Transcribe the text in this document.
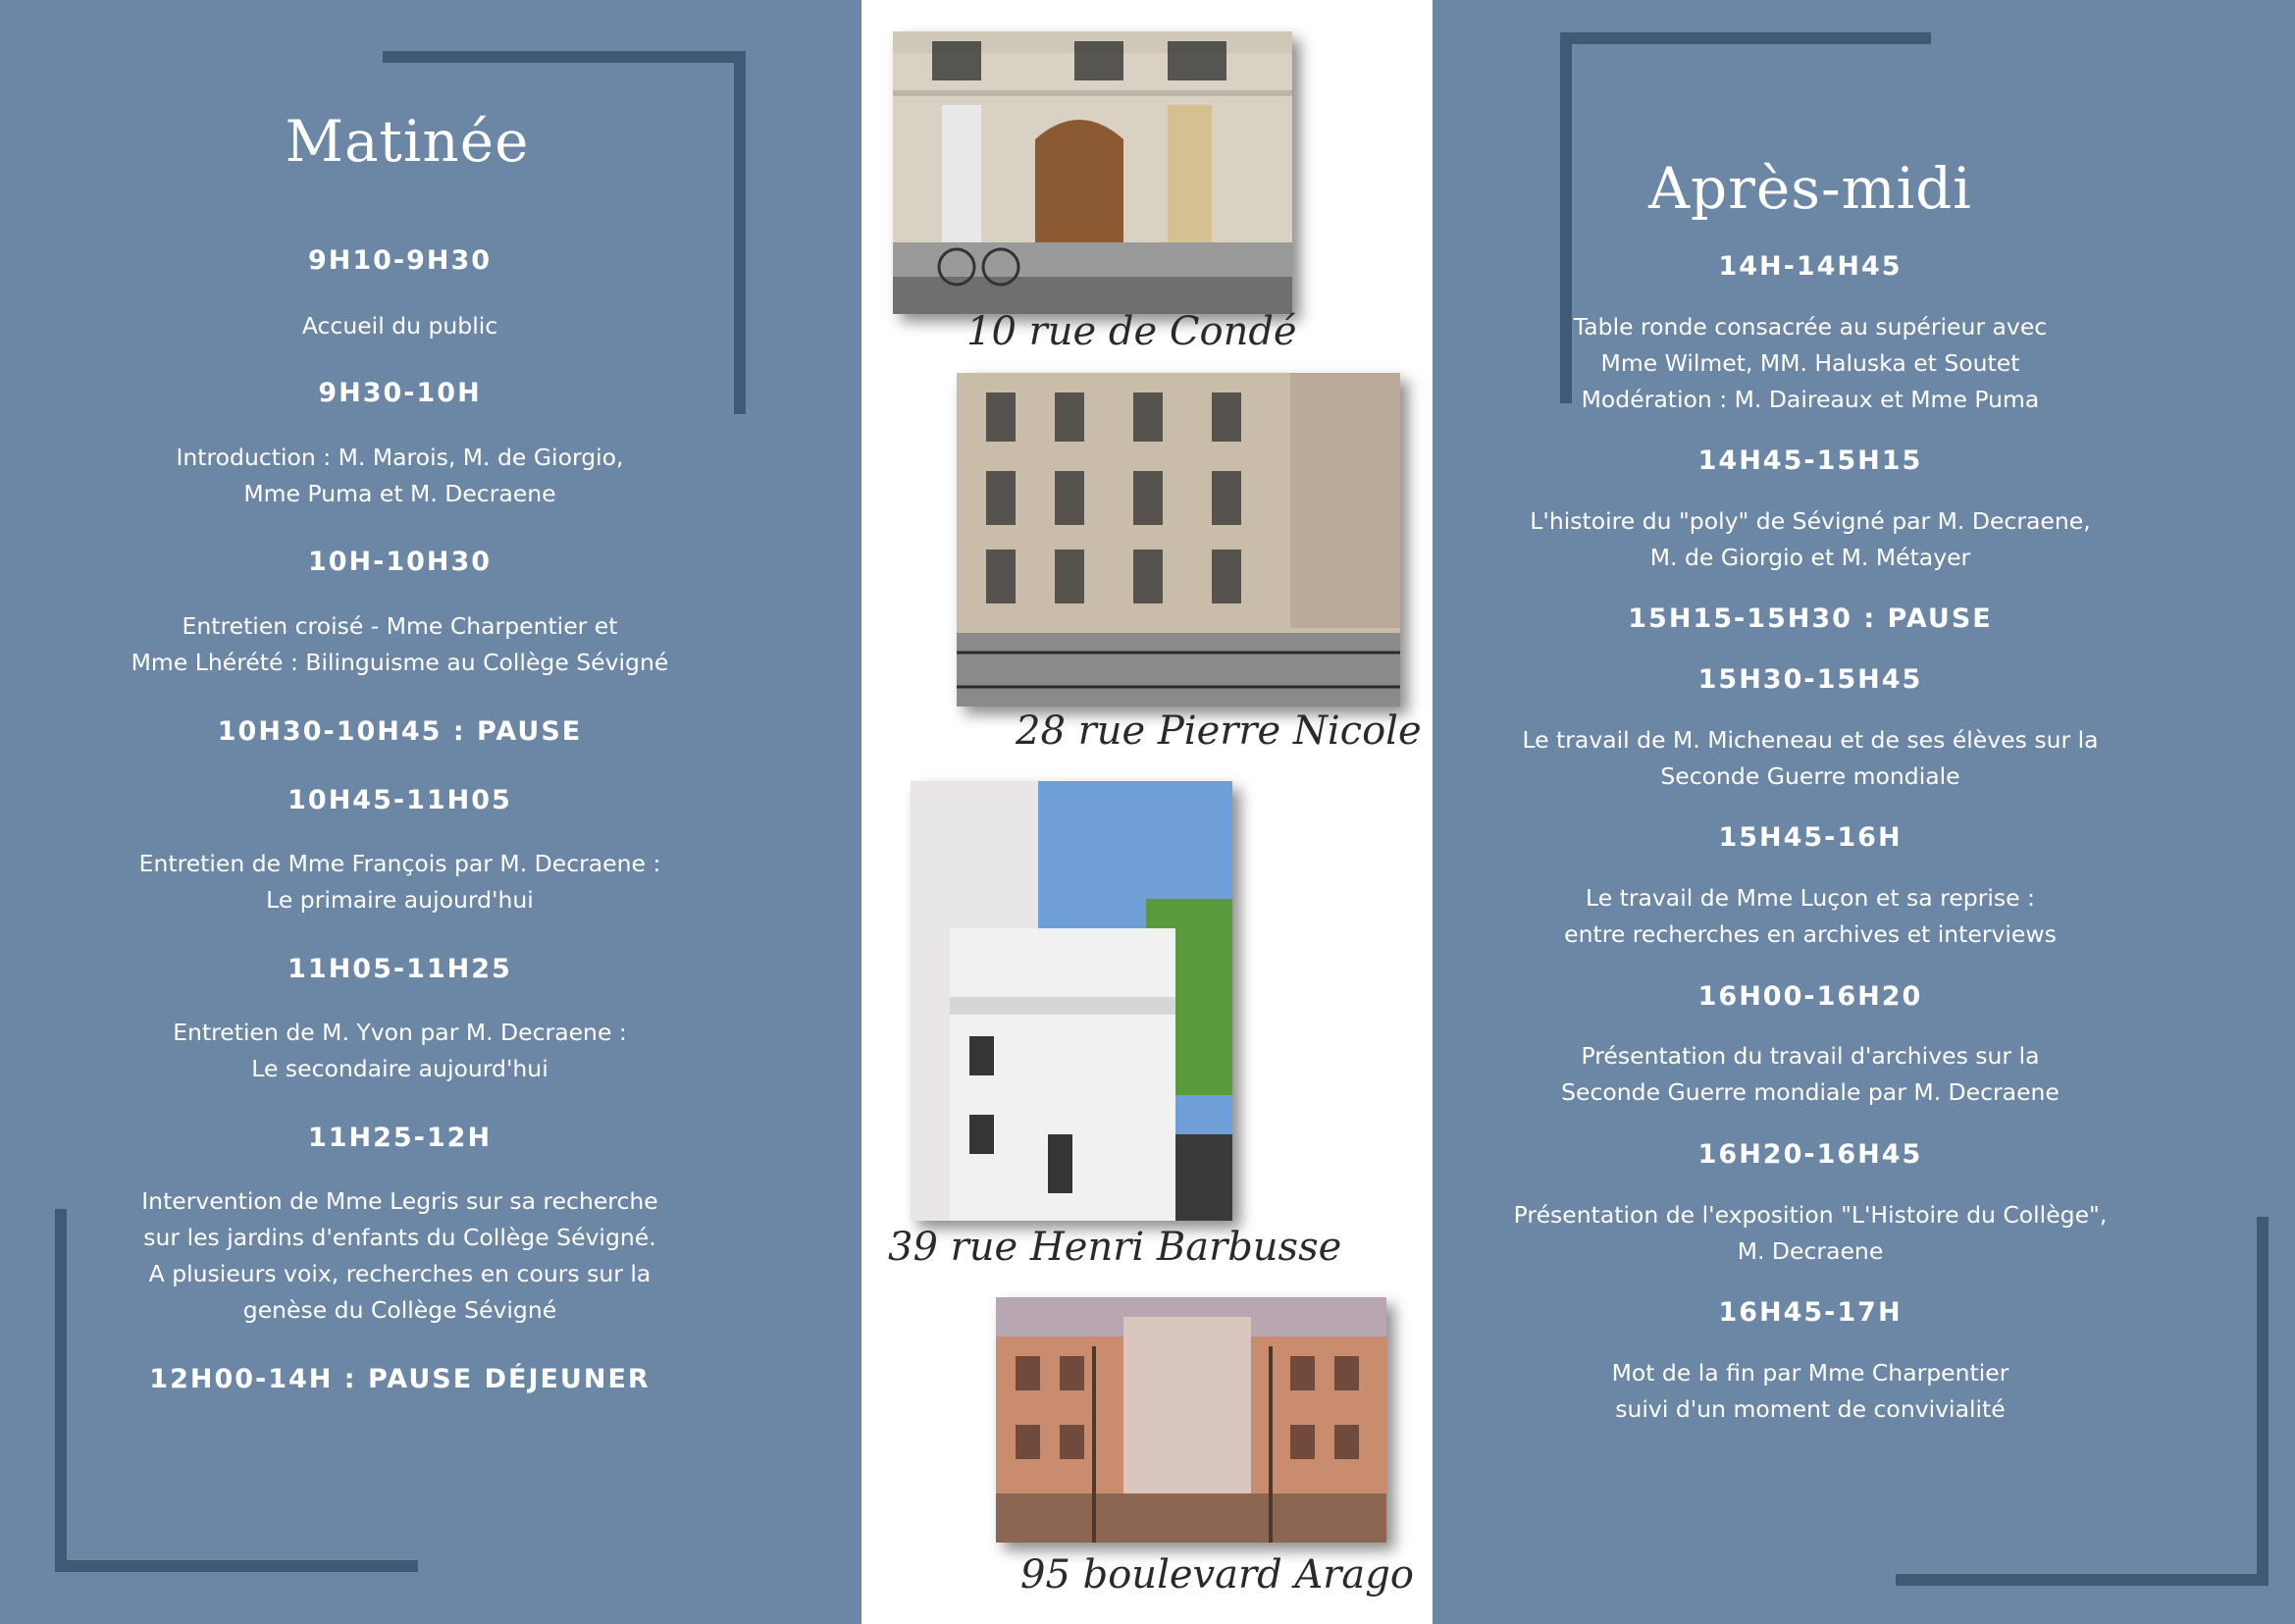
Matinée
9H10-9H30
Accueil du public
9H30-10H
Introduction : M. Marois, M. de Giorgio,
Mme Puma et M. Decraene
10H-10H30
Entretien croisé - Mme Charpentier et
Mme Lhérété : Bilinguisme au Collège Sévigné
10H30-10H45 : PAUSE
10H45-11H05
Entretien de Mme François par M. Decraene :
Le primaire aujourd'hui
11H05-11H25
Entretien de M. Yvon par M. Decraene :
Le secondaire aujourd'hui
11H25-12H
Intervention de Mme Legris sur sa recherche
sur les jardins d'enfants du Collège Sévigné.
A plusieurs voix, recherches en cours sur la
genèse du Collège Sévigné
12H00-14H : PAUSE DÉJEUNER
10 rue de Condé
28 rue Pierre Nicole
39 rue Henri Barbusse
95 boulevard Arago
Après-midi
14H-14H45
Table ronde consacrée au supérieur avec
Mme Wilmet, MM. Haluska et Soutet
Modération : M. Daireaux et Mme Puma
14H45-15H15
L'histoire du "poly" de Sévigné par M. Decraene,
M. de Giorgio et M. Métayer
15H15-15H30 : PAUSE
15H30-15H45
Le travail de M. Micheneau et de ses élèves sur la
Seconde Guerre mondiale
15H45-16H
Le travail de Mme Luçon et sa reprise :
entre recherches en archives et interviews
16H00-16H20
Présentation du travail d'archives sur la
Seconde Guerre mondiale par M. Decraene
16H20-16H45
Présentation de l'exposition "L'Histoire du Collège",
M. Decraene
16H45-17H
Mot de la fin par Mme Charpentier
suivi d'un moment de convivialité
